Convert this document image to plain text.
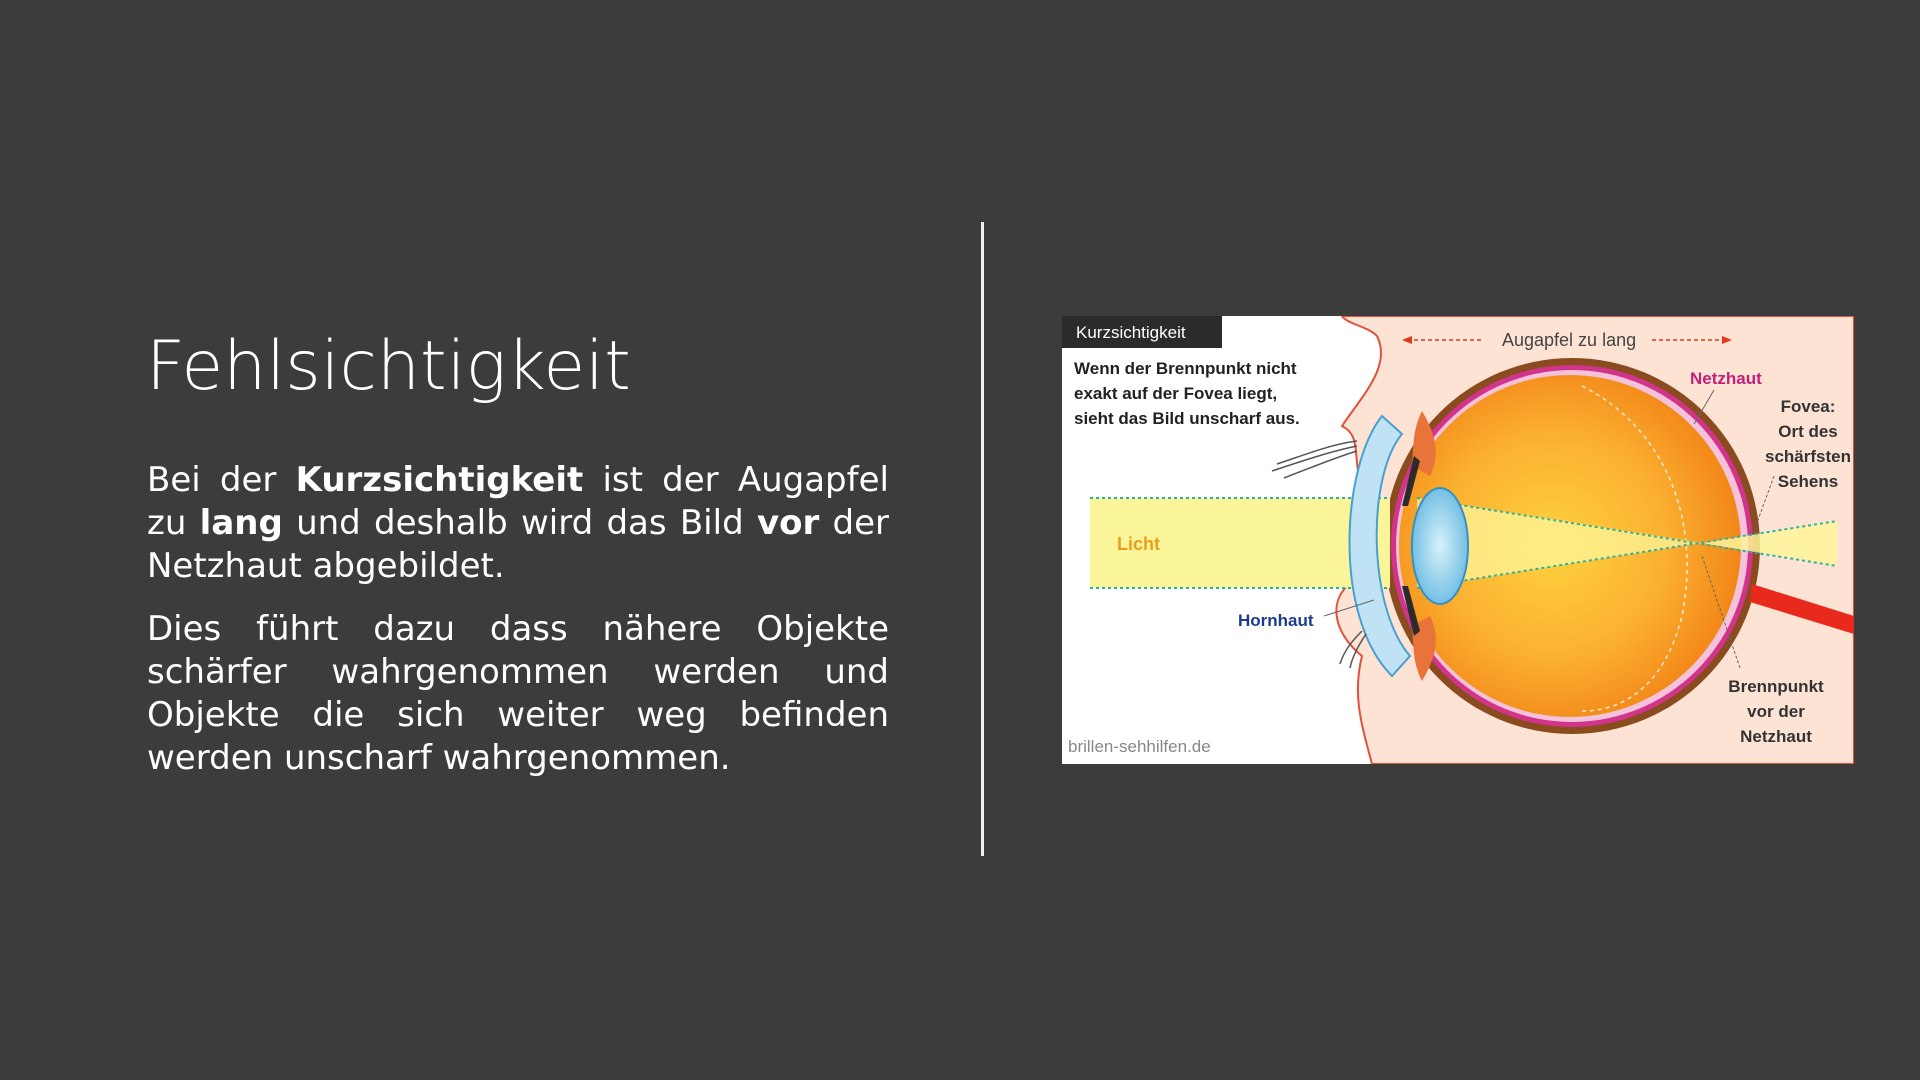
Fehlsichtigkeit

Bei der Kurzsichtigkeit ist der Augapfel zu lang und deshalb wird das Bild vor der Netzhaut abgebildet.

Dies führt dazu dass nähere Objekte schärfer wahrgenommen werden und Objekte die sich weiter weg befinden werden unscharf wahrgenommen.

Kurzsichtigkeit
Wenn der Brennpunkt nicht
exakt auf der Fovea liegt,
sieht das Bild unscharf aus.
Augapfel zu lang
Netzhaut
Fovea:
Ort des
schärfsten
Sehens
Licht
Hornhaut
Brennpunkt
vor der
Netzhaut
brillen-sehhilfen.de
